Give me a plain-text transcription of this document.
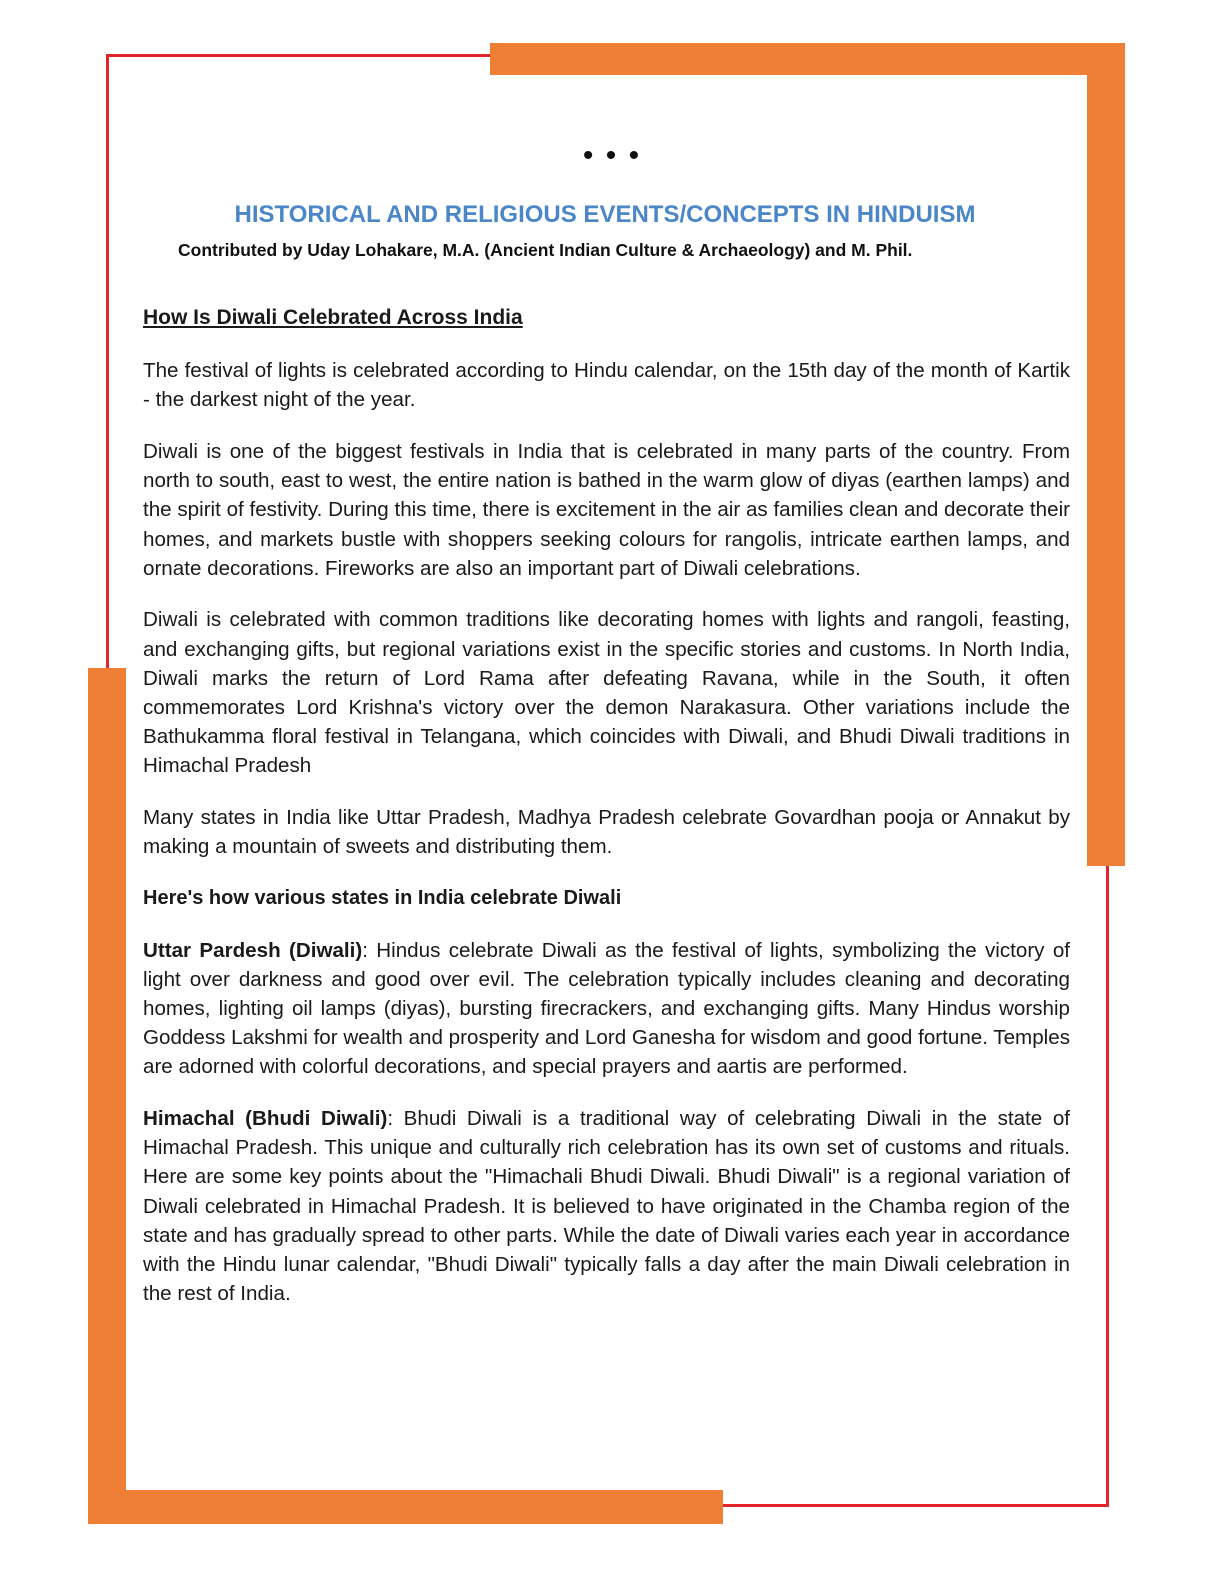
• • •
HISTORICAL AND RELIGIOUS EVENTS/CONCEPTS IN HINDUISM

Contributed by Uday Lohakare, M.A. (Ancient Indian Culture & Archaeology) and M. Phil.

How Is Diwali Celebrated Across India

The festival of lights is celebrated according to Hindu calendar, on the 15th day of the month of Kartik - the darkest night of the year.

Diwali is one of the biggest festivals in India that is celebrated in many parts of the country. From north to south, east to west, the entire nation is bathed in the warm glow of diyas (earthen lamps) and the spirit of festivity. During this time, there is excitement in the air as families clean and decorate their homes, and markets bustle with shoppers seeking colours for rangolis, intricate earthen lamps, and ornate decorations. Fireworks are also an important part of Diwali celebrations.

Diwali is celebrated with common traditions like decorating homes with lights and rangoli, feasting, and exchanging gifts, but regional variations exist in the specific stories and customs. In North India, Diwali marks the return of Lord Rama after defeating Ravana, while in the South, it often commemorates Lord Krishna's victory over the demon Narakasura. Other variations include the Bathukamma floral festival in Telangana, which coincides with Diwali, and Bhudi Diwali traditions in Himachal Pradesh

Many states in India like Uttar Pradesh, Madhya Pradesh celebrate Govardhan pooja or Annakut by making a mountain of sweets and distributing them.

Here's how various states in India celebrate Diwali

Uttar Pardesh (Diwali): Hindus celebrate Diwali as the festival of lights, symbolizing the victory of light over darkness and good over evil. The celebration typically includes cleaning and decorating homes, lighting oil lamps (diyas), bursting firecrackers, and exchanging gifts. Many Hindus worship Goddess Lakshmi for wealth and prosperity and Lord Ganesha for wisdom and good fortune. Temples are adorned with colorful decorations, and special prayers and aartis are performed.

Himachal (Bhudi Diwali): Bhudi Diwali is a traditional way of celebrating Diwali in the state of Himachal Pradesh. This unique and culturally rich celebration has its own set of customs and rituals. Here are some key points about the "Himachali Bhudi Diwali. Bhudi Diwali" is a regional variation of Diwali celebrated in Himachal Pradesh. It is believed to have originated in the Chamba region of the state and has gradually spread to other parts. While the date of Diwali varies each year in accordance with the Hindu lunar calendar, "Bhudi Diwali" typically falls a day after the main Diwali celebration in the rest of India.
